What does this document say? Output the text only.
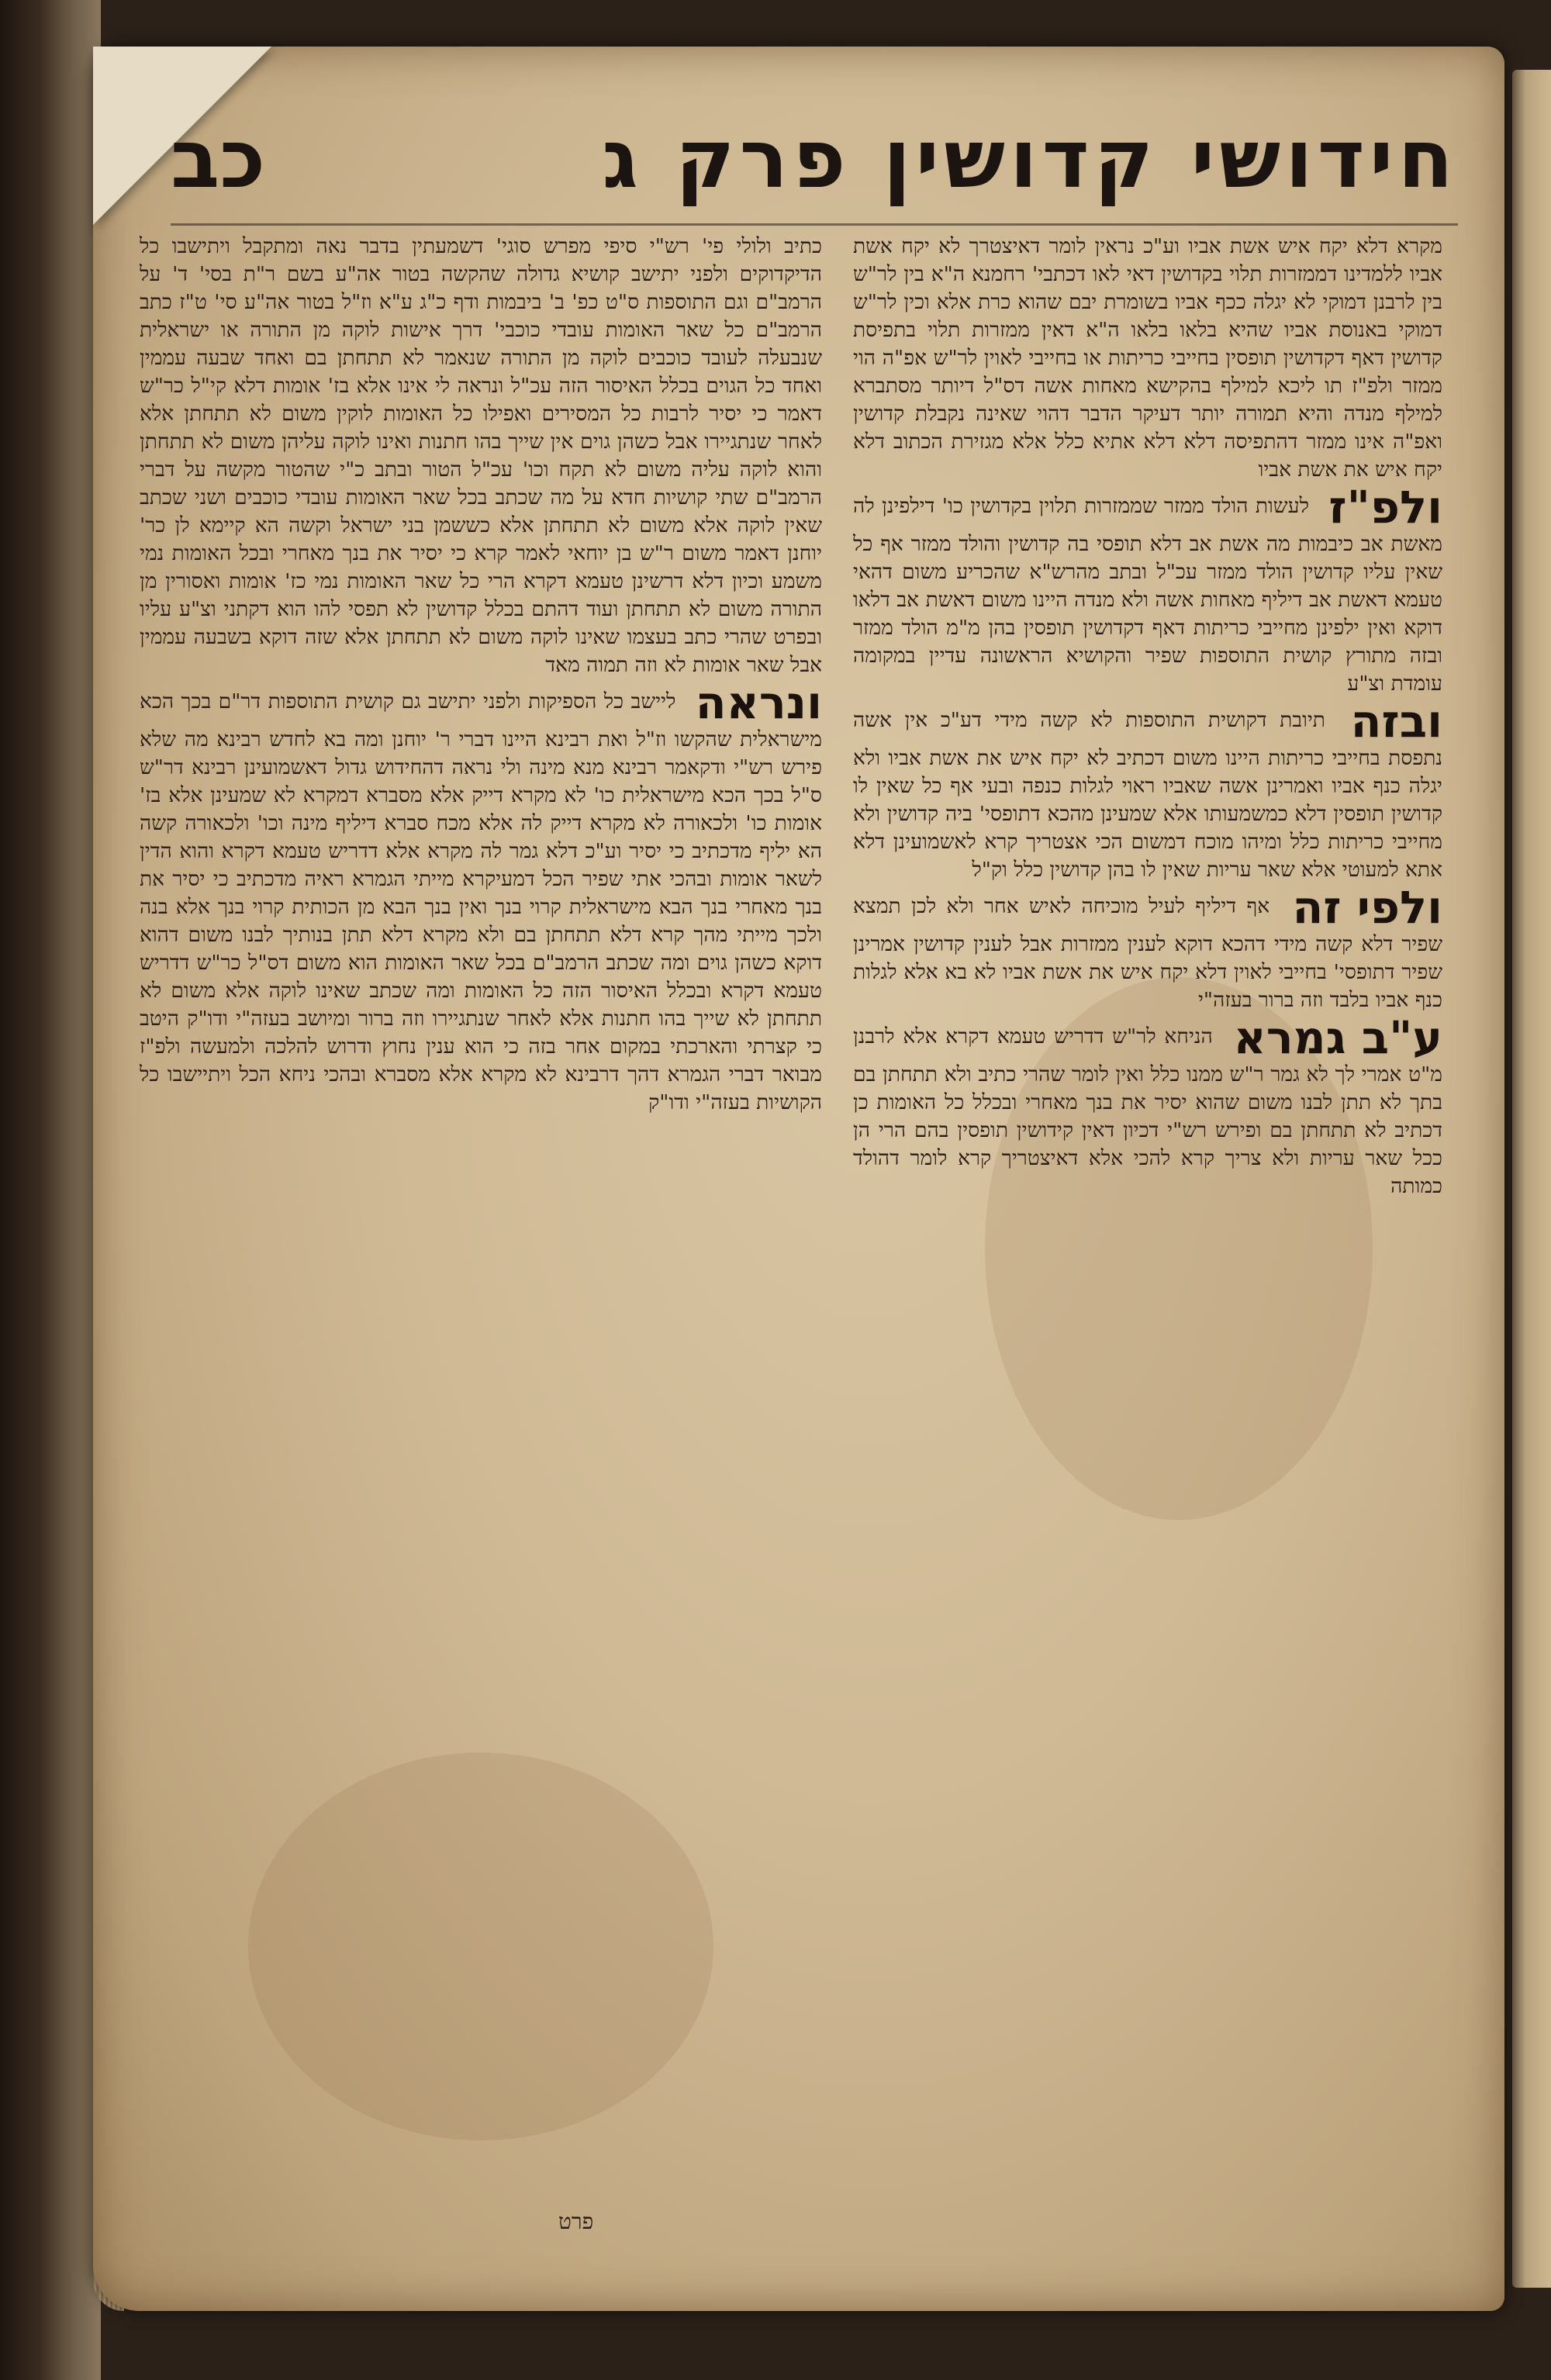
חידושי קדושין פרק ג
כב

מקרא דלא יקח איש אשת אביו וע"כ נראין לומר דאיצטרך לא יקח אשת אביו ללמדינו דממזרות תלוי בקדושין דאי לאו דכתבי' רחמנא ה"א בין לר"ש בין לרבנן דמוקי לא יגלה ככף אביו בשומרת יבם שהוא כרת אלא וכין לר"ש דמוקי באנוסת אביו שהיא בלאו בלאו ה"א דאין ממזרות תלוי בתפיסת קדושין דאף דקדושין תופסין בחייבי כריתות או בחייבי לאוין לר"ש אפ"ה הוי ממזר ולפ"ז תו ליכא למילף בהקישא מאחות אשה דס"ל דיותר מסתברא למילף מנדה והיא תמורה יותר דעיקר הדבר דהוי שאינה נקבלת קדושין ואפ"ה אינו ממזר דהתפיסה דלא דלא אתיא כלל אלא מגזירת הכתוב דלא יקח איש את אשת אביו

ולפ"ז לעשות הולד ממזר שממזרות תלוין בקדושין כו' דילפינן לה מאשת אב כיבמות מה אשת אב דלא תופסי בה קדושין והולד ממזר אף כל שאין עליו קדושין הולד ממזר עכ"ל ובתב מהרש"א שהכריע משום דהאי טעמא דאשת אב דיליף מאחות אשה ולא מנדה היינו משום דאשת אב דלאו דוקא ואין ילפינן מחייבי כריתות דאף דקדושין תופסין בהן מ"מ הולד ממזר ובזה מתורץ קושית התוספות שפיר והקושיא הראשונה עדיין במקומה עומדת וצ"ע

ובזה תיובת דקושית התוספות לא קשה מידי דע"כ אין אשה נתפסת בחייבי כריתות היינו משום דכתיב לא יקח איש את אשת אביו ולא יגלה כנף אביו ואמרינן אשה שאביו ראוי לגלות כנפה ובעי אף כל שאין לו קדושין תופסין דלא כמשמעותו אלא שמעינן מהכא דתופסי' ביה קדושין ולא מחייבי כריתות כלל ומיהו מוכח דמשום הכי אצטריך קרא לאשמועינן דלא אתא למעוטי אלא שאר עריות שאין לו בהן קדושין כלל וק"ל

ולפי זה אף דיליף לעיל מוכיחה לאיש אחר ולא לכן תמצא שפיר דלא קשה מידי דהכא דוקא לענין ממזרות אבל לענין קדושין אמרינן שפיר דתופסי' בחייבי לאוין דלא יקח איש את אשת אביו לא בא אלא לגלות כנף אביו בלבד וזה ברור בעזה"י

ע"ב גמרא הניחא לר"ש דדריש טעמא דקרא אלא לרבנן מ"ט אמרי לך לא גמר ר"ש ממנו כלל ואין לומר שהרי כתיב ולא תתחתן בם בתך לא תתן לבנו משום שהוא יסיר את בנך מאחרי ובכלל כל האומות כן דכתיב לא תתחתן בם ופירש רש"י דכיון דאין קידושין תופסין בהם הרי הן ככל שאר עריות ולא צריך קרא להכי אלא דאיצטריך קרא לומר דהולד כמותה

כתיב ולולי פי' רש"י סיפי מפרש סוגי' דשמעתין בדבר נאה ומתקבל ויתישבו כל הדיקדוקים ולפני יתישב קושיא גדולה שהקשה בטור אה"ע בשם ר"ת בסי' ד' על הרמב"ם וגם התוספות ס"ט כפ' ב' ביבמות ודף כ"ג ע"א וז"ל בטור אה"ע סי' ט"ז כתב הרמב"ם כל שאר האומות עובדי כוכבי' דרך אישות לוקה מן התורה או ישראלית שנבעלה לעובד כוכבים לוקה מן התורה שנאמר לא תתחתן בם ואחד שבעה עממין ואחד כל הגוים בכלל האיסור הזה עכ"ל ונראה לי אינו אלא בז' אומות דלא קי"ל כר"ש דאמר כי יסיר לרבות כל המסירים ואפילו כל האומות לוקין משום לא תתחתן אלא לאחר שנתגיירו אבל כשהן גוים אין שייך בהו חתנות ואינו לוקה עליהן משום לא תתחתן והוא לוקה עליה משום לא תקח וכו' עכ"ל הטור ובתב כ"י שהטור מקשה על דברי הרמב"ם שתי קושיות חדא על מה שכתב בכל שאר האומות עובדי כוכבים ושני שכתב שאין לוקה אלא משום לא תתחתן אלא כששמן בני ישראל וקשה הא קיימא לן כר' יוחנן דאמר משום ר"ש בן יוחאי לאמר קרא כי יסיר את בנך מאחרי ובכל האומות נמי משמע וכיון דלא דרשינן טעמא דקרא הרי כל שאר האומות נמי כז' אומות ואסורין מן התורה משום לא תתחתן ועוד דהתם בכלל קדושין לא תפסי להו הוא דקתני וצ"ע עליו ובפרט שהרי כתב בעצמו שאינו לוקה משום לא תתחתן אלא שזה דוקא בשבעה עממין אבל שאר אומות לא וזה תמוה מאד

ונראה ליישב כל הספיקות ולפני יתישב גם קושית התוספות דר"ם בכך הכא מישראלית שהקשו וז"ל ואת רבינא היינו דברי ר' יוחנן ומה בא לחדש רבינא מה שלא פירש רש"י ודקאמר רבינא מנא מינה ולי נראה דהחידוש גדול דאשמועינן רבינא דר"ש ס"ל בכך הכא מישראלית כו' לא מקרא דייק אלא מסברא דמקרא לא שמעינן אלא בז' אומות כו' ולכאורה לא מקרא דייק לה אלא מכח סברא דיליף מינה וכו' ולכאורה קשה הא יליף מדכתיב כי יסיר וע"כ דלא גמר לה מקרא אלא דדריש טעמא דקרא והוא הדין לשאר אומות ובהכי אתי שפיר הכל דמעיקרא מייתי הגמרא ראיה מדכתיב כי יסיר את בנך מאחרי בנך הבא מישראלית קרוי בנך ואין בנך הבא מן הכותית קרוי בנך אלא בנה ולכך מייתי מהך קרא דלא תתחתן בם ולא מקרא דלא תתן בנותיך לבנו משום דהוא דוקא כשהן גוים ומה שכתב הרמב"ם בכל שאר האומות הוא משום דס"ל כר"ש דדריש טעמא דקרא ובכלל האיסור הזה כל האומות ומה שכתב שאינו לוקה אלא משום לא תתחתן לא שייך בהו חתנות אלא לאחר שנתגיירו וזה ברור ומיושב בעזה"י ודו"ק היטב כי קצרתי והארכתי במקום אחר בזה כי הוא ענין נחוץ ודרוש להלכה ולמעשה ולפ"ז מבואר דברי הגמרא דהך דרבינא לא מקרא אלא מסברא ובהכי ניחא הכל ויתיישבו כל הקושיות בעזה"י ודו"ק

פרט
